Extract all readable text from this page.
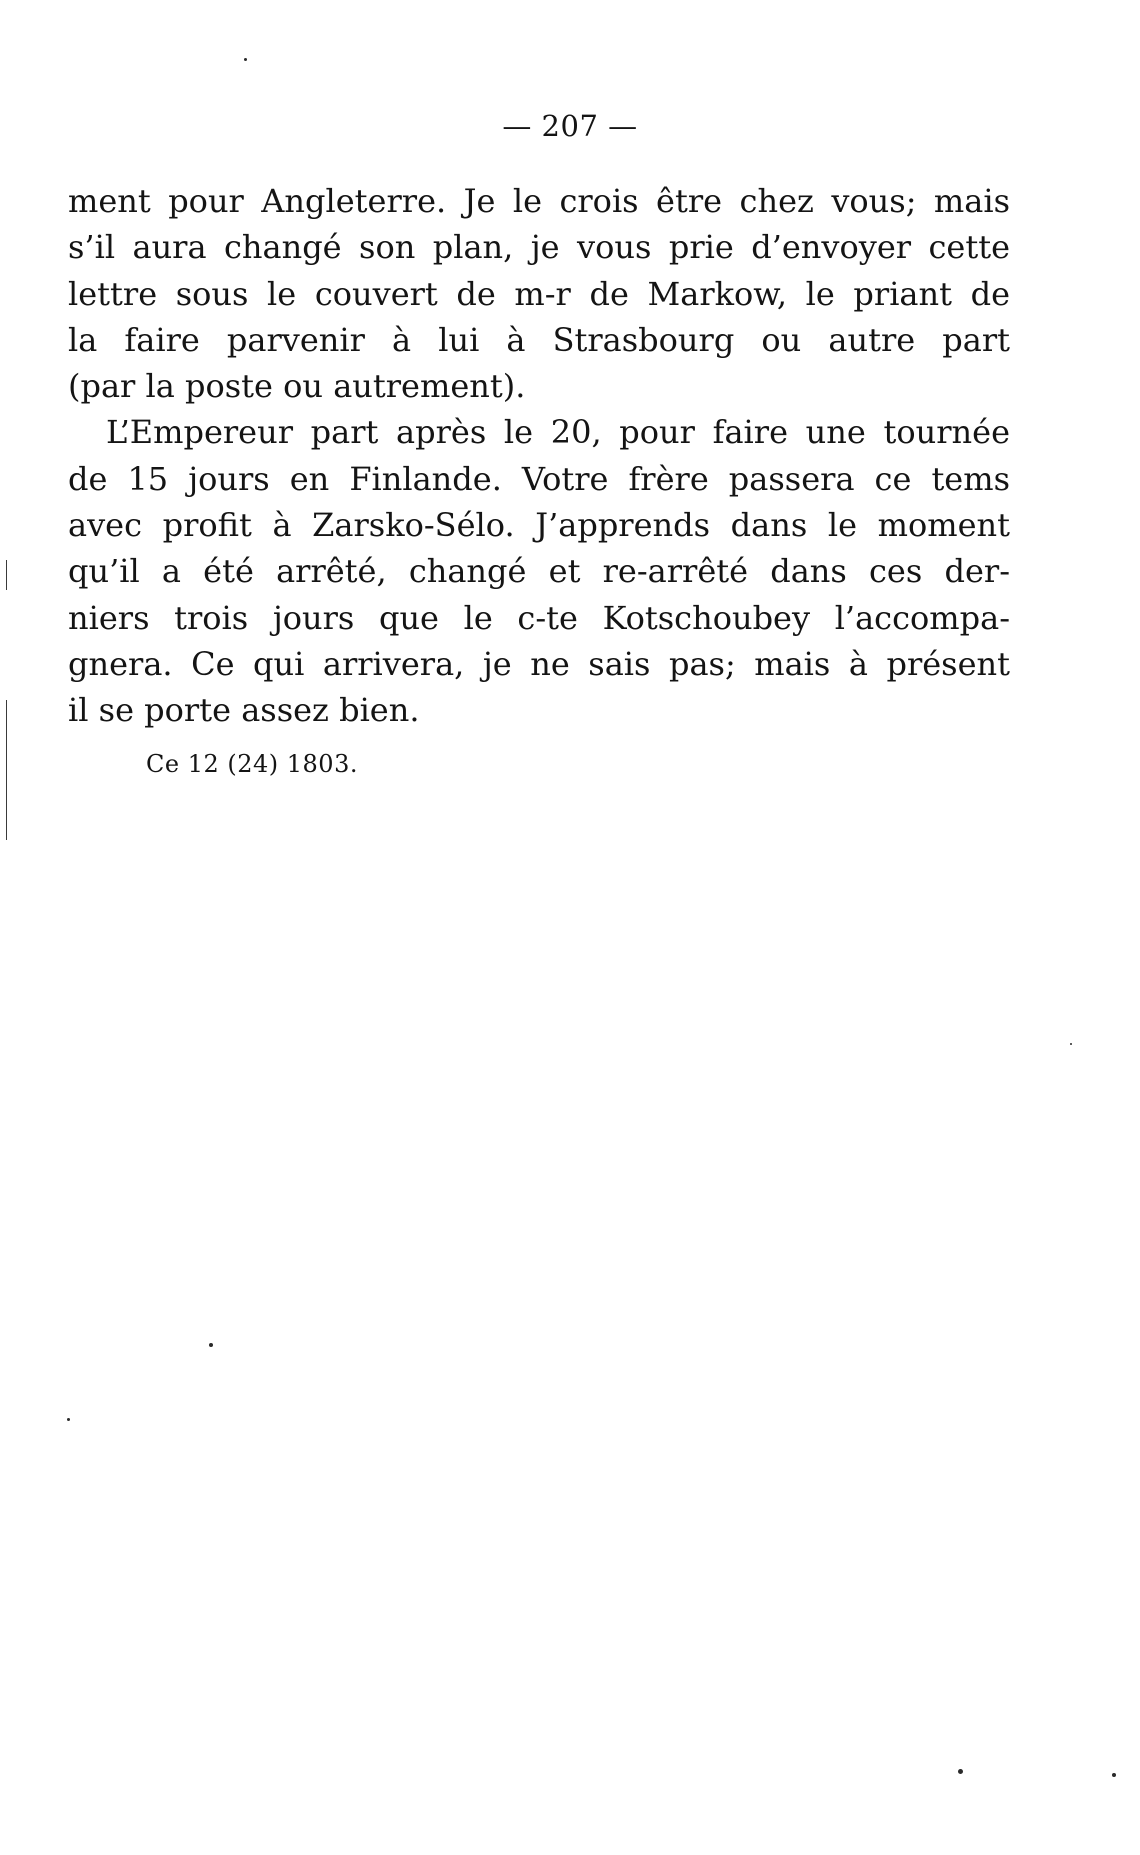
— 207 —
ment pour Angleterre. Je le crois être chez vous; mais
s’il aura changé son plan, je vous prie d’envoyer cette
lettre sous le couvert de m-r de Markow, le priant de
la faire parvenir à lui à Strasbourg ou autre part
(par la poste ou autrement).
L’Empereur part après le 20, pour faire une tournée
de 15 jours en Finlande. Votre frère passera ce tems
avec profit à Zarsko-Sélo. J’apprends dans le moment
qu’il a été arrêté, changé et re-arrêté dans ces der-
niers trois jours que le c-te Kotschoubey l’accompa-
gnera. Ce qui arrivera, je ne sais pas; mais à présent
il se porte assez bien.
Ce 12 (24) 1803.
